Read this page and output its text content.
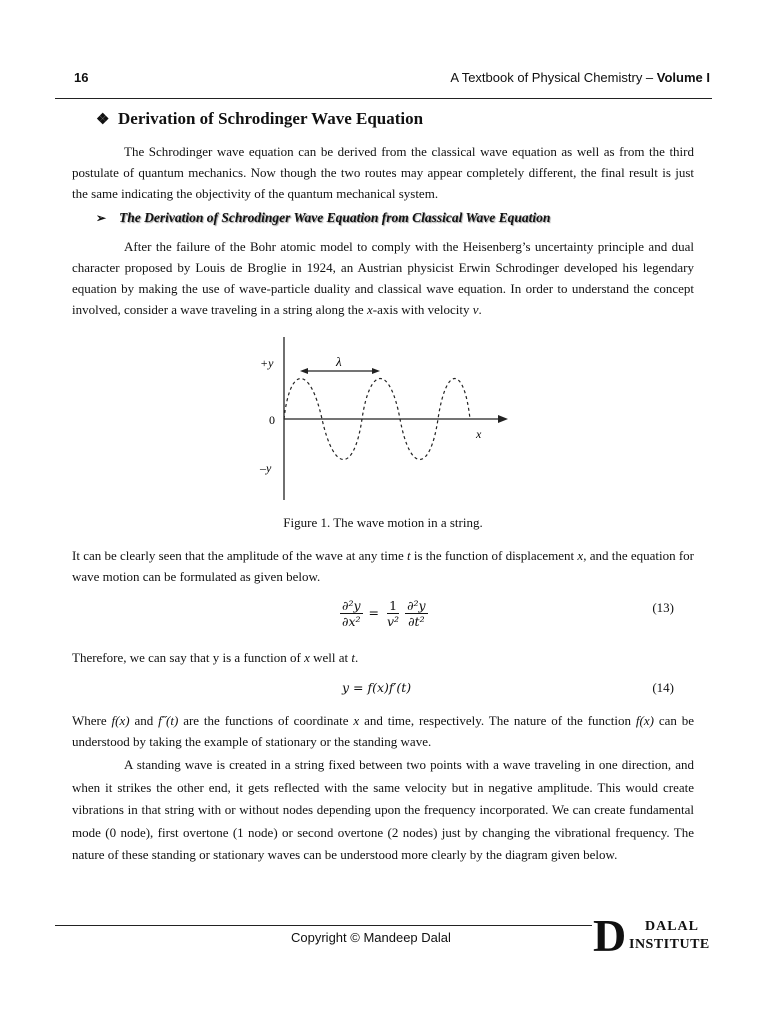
16	A Textbook of Physical Chemistry – Volume I
❖ Derivation of Schrodinger Wave Equation
The Schrodinger wave equation can be derived from the classical wave equation as well as from the third postulate of quantum mechanics. Now though the two routes may appear completely different, the final result is just the same indicating the objectivity of the quantum mechanical system.
➢ The Derivation of Schrodinger Wave Equation from Classical Wave Equation
After the failure of the Bohr atomic model to comply with the Heisenberg’s uncertainty principle and dual character proposed by Louis de Broglie in 1924, an Austrian physicist Erwin Schrodinger developed his legendary equation by making the use of wave-particle duality and classical wave equation. In order to understand the concept involved, consider a wave traveling in a string along the x-axis with velocity v.
λ
+y
0
–y
x
Figure 1. The wave motion in a string.
It can be clearly seen that the amplitude of the wave at any time t is the function of displacement x, and the equation for wave motion can be formulated as given below.
$\frac{\text{∂²y}}{\text{∂x²}} = \frac{1}{\text{v²}}$
$\frac{\text{∂²y}}{\text{∂t²}}$	(13)
Therefore, we can say that y is a function of x well at t.
y = f(x)f′(t)	(14)
Where f(x) and f˝(t) are the functions of coordinate x and time, respectively. The nature of the function f(x) can be understood by taking the example of stationary or the standing wave.
A standing wave is created in a string fixed between two points with a wave traveling in one direction, and when it strikes the other end, it gets reflected with the same velocity but in negative amplitude. This would create vibrations in that string with or without nodes depending upon the frequency incorporated. We can create fundamental mode (0 node), first overtone (1 node) or second overtone (2 nodes) just by changing the vibrational frequency. The nature of these standing or stationary waves can be understood more clearly by the diagram given below.
Copyright © Mandeep Dalal	D DALAL
INSTITUTE
